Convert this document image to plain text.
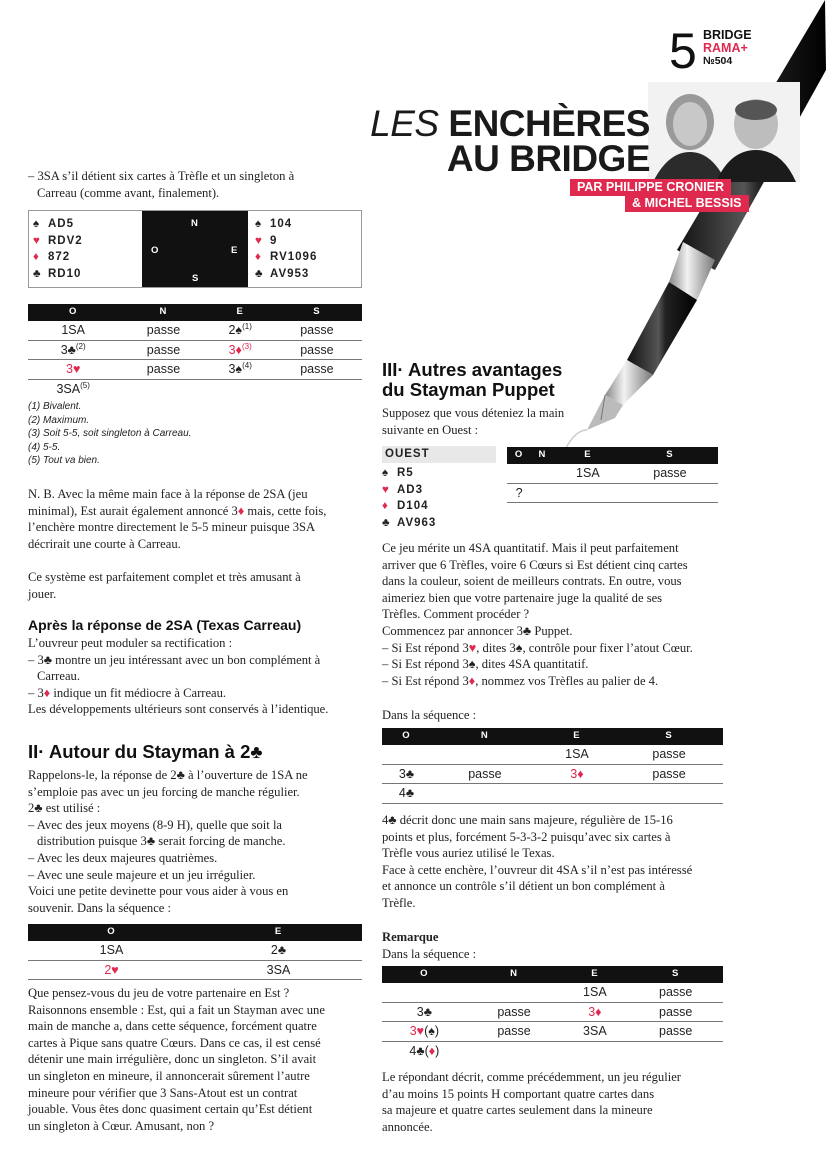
5 BRIDGE
RAMA+
№504
LES ENCHÈRES
AU BRIDGE
PAR PHILIPPE CRONIER
& MICHEL BESSIS

– 3SA s’il détient six cartes à Trèfle et un singleton à

Carreau (comme avant, finalement).

♠ AD5
♥ RDV2
♦ 872
♣ RD10
N
O	E
S
♠ 104
♥ 9
♦ RV1096
♣ AV953
O	N	E	S
1SA	passe	2♠$^{(1)}$	passe
3♣$^{(2)}$	passe	3♦$^{(3)}$	passe
3♥	passe	3♠$^{(4)}$	passe
3SA$^{(5)}$			
(1) Bivalent.
(2) Maximum.
(3) Soit 5-5, soit singleton à Carreau.
(4) 5-5.
(5) Tout va bien.

N. B. Avec la même main face à la réponse de 2SA (jeu

minimal), Est aurait également annoncé 3♦ mais, cette fois,

l’enchère montre directement le 5-5 mineur puisque 3SA

décrirait une courte à Carreau.

Ce système est parfaitement complet et très amusant à

jouer.

Après la réponse de 2SA (Texas Carreau)

L’ouvreur peut moduler sa rectification :

– 3♣ montre un jeu intéressant avec un bon complément à

Carreau.

– 3♦ indique un fit médiocre à Carreau.

Les développements ultérieurs sont conservés à l’identique.

II· Autour du Stayman à 2♣

Rappelons-le, la réponse de 2♣ à l’ouverture de 1SA ne

s’emploie pas avec un jeu forcing de manche régulier.

2♣ est utilisé :

– Avec des jeux moyens (8-9 H), quelle que soit la

distribution puisque 3♣ serait forcing de manche.

– Avec les deux majeures quatrièmes.

– Avec une seule majeure et un jeu irrégulier.

Voici une petite devinette pour vous aider à vous en

souvenir. Dans la séquence :

O	E
1SA	2♣
2♥	3SA

Que pensez-vous du jeu de votre partenaire en Est ?

Raisonnons ensemble : Est, qui a fait un Stayman avec une

main de manche a, dans cette séquence, forcément quatre

cartes à Pique sans quatre Cœurs. Dans ce cas, il est censé

détenir une main irrégulière, donc un singleton. S’il avait

un singleton en mineure, il annoncerait sûrement l’autre

mineure pour vérifier que 3 Sans-Atout est un contrat

jouable. Vous êtes donc quasiment certain qu’Est détient

un singleton à Cœur. Amusant, non ?

III· Autres avantages
du Stayman Puppet

Supposez que vous déteniez la main

suivante en Ouest :

OUEST
♠ R5
♥ AD3
♦ D104
♣ AV963
O	N	E	S
		1SA	passe
?			

Ce jeu mérite un 4SA quantitatif. Mais il peut parfaitement

arriver que 6 Trèfles, voire 6 Cœurs si Est détient cinq cartes

dans la couleur, soient de meilleurs contrats. En outre, vous

aimeriez bien que votre partenaire juge la qualité de ses

Trèfles. Comment procéder ?

Commencez par annoncer 3♣ Puppet.

– Si Est répond 3♥, dites 3♠, contrôle pour fixer l’atout Cœur.

– Si Est répond 3♠, dites 4SA quantitatif.

– Si Est répond 3♦, nommez vos Trèfles au palier de 4.

Dans la séquence :
O	N	E	S
		1SA	passe
3♣	passe	3♦	passe
4♣			

4♣ décrit donc une main sans majeure, régulière de 15-16

points et plus, forcément 5-3-3-2 puisqu’avec six cartes à

Trèfle vous auriez utilisé le Texas.

Face à cette enchère, l’ouvreur dit 4SA s’il n’est pas intéressé

et annonce un contrôle s’il détient un bon complément à

Trèfle.

Remarque

Dans la séquence :

O	N	E	S
		1SA	passe
3♣	passe	3♦	passe
3♥(♠)	passe	3SA	passe
4♣(♦)			

Le répondant décrit, comme précédemment, un jeu régulier

d’au moins 15 points H comportant quatre cartes dans

sa majeure et quatre cartes seulement dans la mineure

annoncée.
